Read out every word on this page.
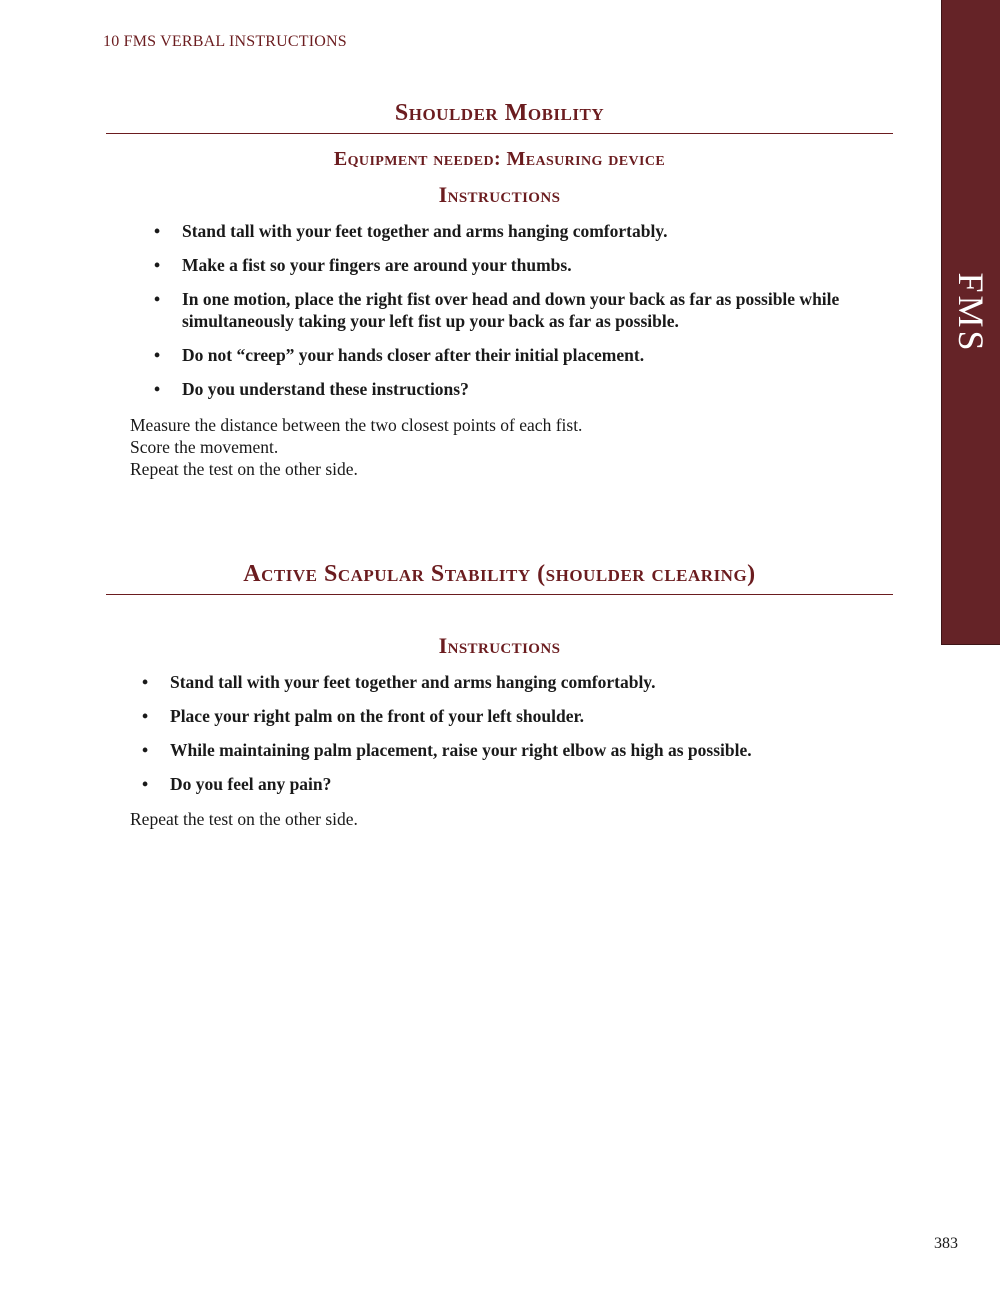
10 FMS VERBAL INSTRUCTIONS
FMS
Shoulder Mobility
Equipment needed: Measuring device
Instructions
• Stand tall with your feet together and arms hanging comfortably.
• Make a fist so your fingers are around your thumbs.
• In one motion, place the right fist over head and down your back as far as possible while simultaneously taking your left fist up your back as far as possible.
• Do not “creep” your hands closer after their initial placement.
• Do you understand these instructions?
Measure the distance between the two closest points of each fist.
Score the movement.
Repeat the test on the other side.
Active Scapular Stability (shoulder clearing)
Instructions
• Stand tall with your feet together and arms hanging comfortably.
• Place your right palm on the front of your left shoulder.
• While maintaining palm placement, raise your right elbow as high as possible.
• Do you feel any pain?
Repeat the test on the other side.
383
